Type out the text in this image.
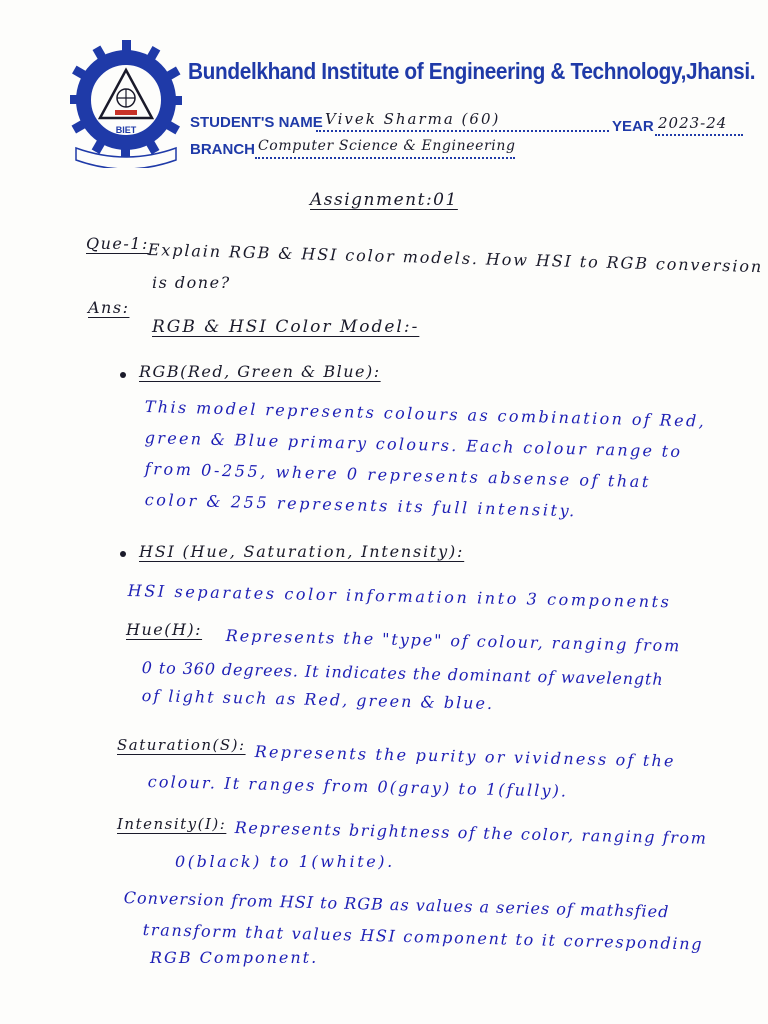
BIET
Bundelkhand Institute of Engineering & Technology,Jhansi.
STUDENT'S NAME Vivek Sharma (60)	YEAR 2023-24
BRANCH Computer Science & Engineering
Assignment:01
Que-1:
Explain RGB & HSI color models. How HSI to RGB conversion
is done?
Ans:
RGB & HSI Color Model:-
RGB(Red, Green & Blue):
This model represents colours as combination of Red,
green & Blue primary colours. Each colour range to
from 0-255, where 0 represents absense of that
color & 255 represents its full intensity.
HSI (Hue, Saturation, Intensity):
HSI separates color information into 3 components
Hue(H): Represents the "type" of colour, ranging from
0 to 360 degrees. It indicates the dominant of wavelength
of light such as Red, green & blue.
Saturation(S): Represents the purity or vividness of the
colour. It ranges from 0(gray) to 1(fully).
Intensity(I): Represents brightness of the color, ranging from
0(black) to 1(white).
Conversion from HSI to RGB as values a series of mathsfied
transform that values HSI component to it corresponding
RGB Component.
